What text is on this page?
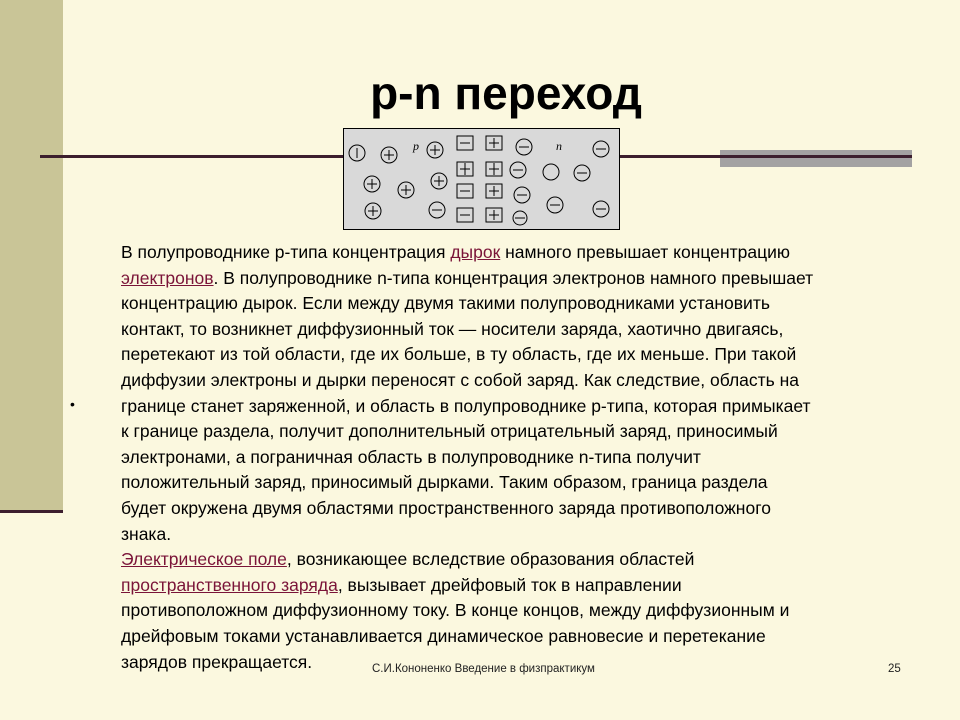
p-n переход
p	n
•

В полупроводнике p-типа концентрация дырок намного превышает концентрацию

электронов. В полупроводнике n-типа концентрация электронов намного превышает

концентрацию дырок. Если между двумя такими полупроводниками установить

контакт, то возникнет диффузионный ток — носители заряда, хаотично двигаясь,

перетекают из той области, где их больше, в ту область, где их меньше. При такой

диффузии электроны и дырки переносят с собой заряд. Как следствие, область на

границе станет заряженной, и область в полупроводнике p-типа, которая примыкает

к границе раздела, получит дополнительный отрицательный заряд, приносимый

электронами, а пограничная область в полупроводнике n-типа получит

положительный заряд, приносимый дырками. Таким образом, граница раздела

будет окружена двумя областями пространственного заряда противоположного

знака.

Электрическое поле, возникающее вследствие образования областей

пространственного заряда, вызывает дрейфовый ток в направлении

противоположном диффузионному току. В конце концов, между диффузионным и

дрейфовым токами устанавливается динамическое равновесие и перетекание

зарядов прекращается.	С.И.Кононенко Введение в физпрактикум	25
